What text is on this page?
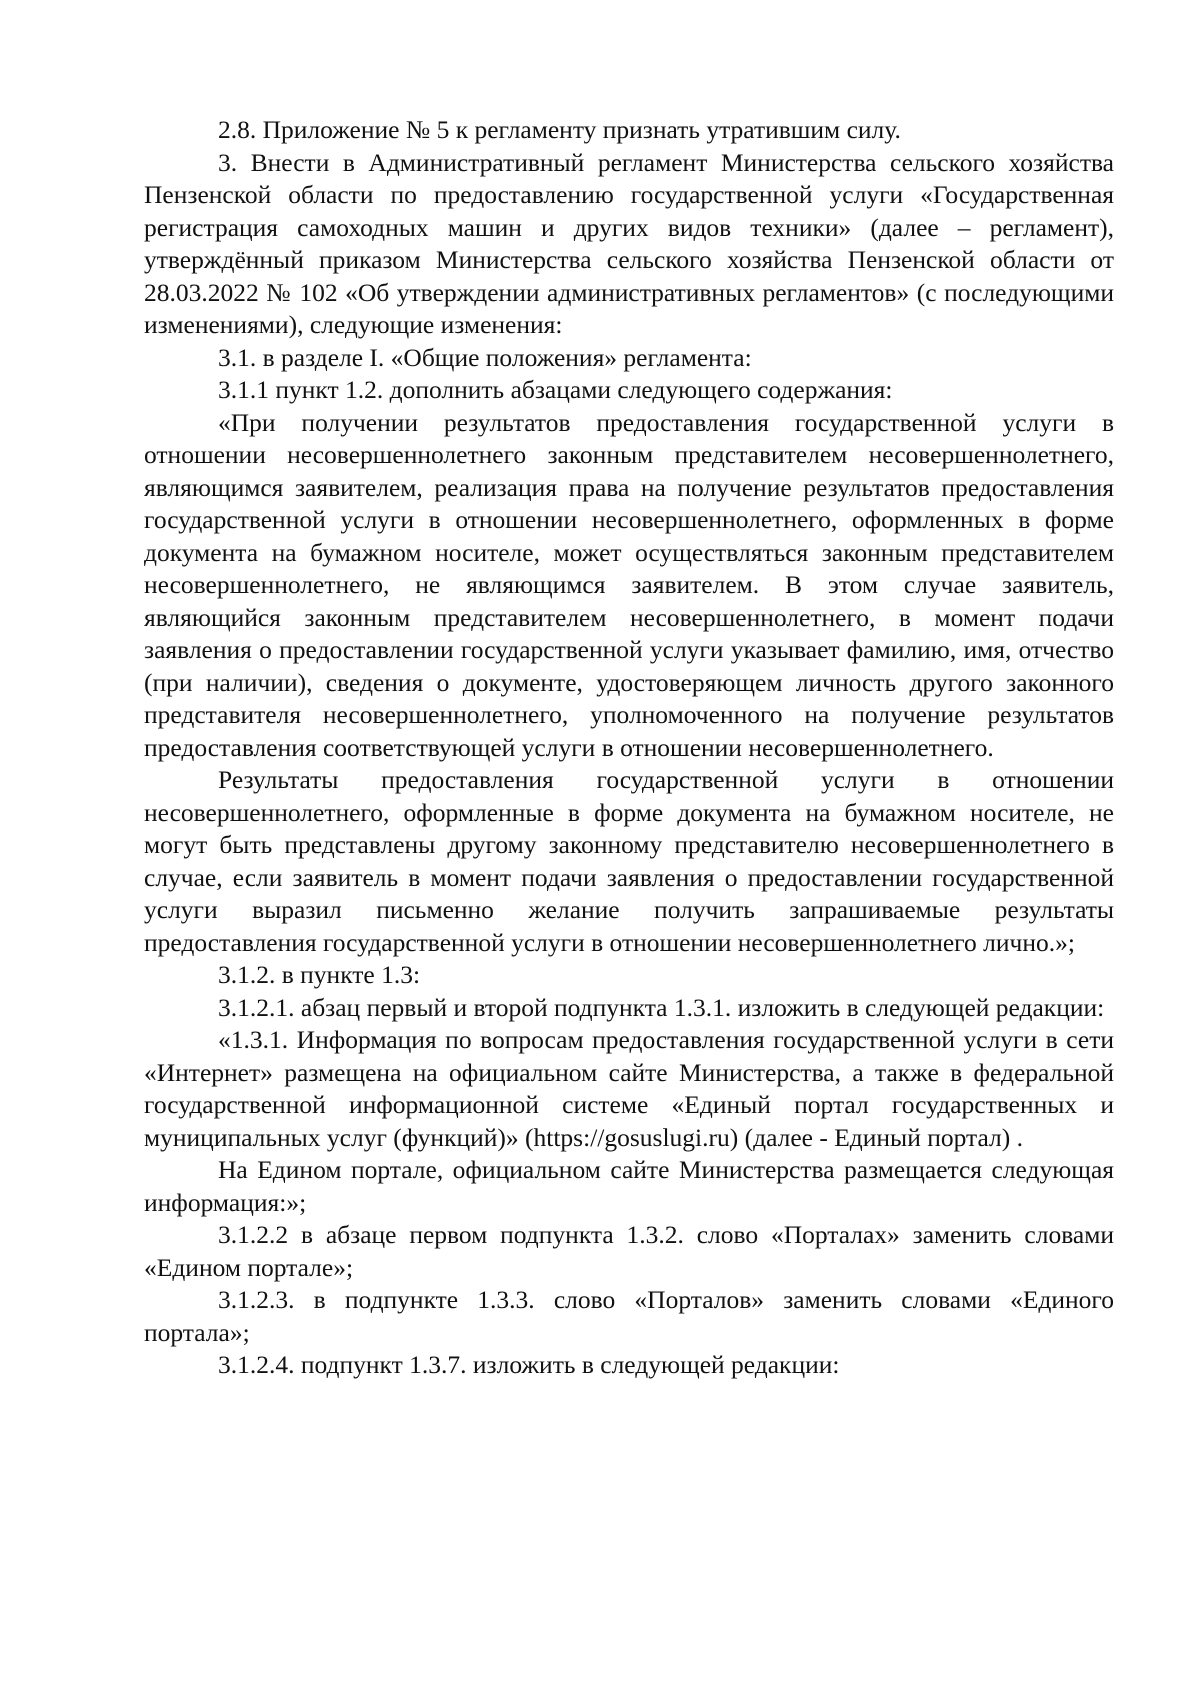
2.8. Приложение № 5 к регламенту признать утратившим силу.

3. Внести в Административный регламент Министерства сельского хозяйства Пензенской области по предоставлению государственной услуги «Государственная регистрация самоходных машин и других видов техники» (далее – регламент), утверждённый приказом Министерства сельского хозяйства Пензенской области от 28.03.2022 № 102 «Об утверждении административных регламентов» (с последующими изменениями), следующие изменения:

3.1. в разделе I. «Общие положения» регламента:

3.1.1 пункт 1.2. дополнить абзацами следующего содержания:

«При получении результатов предоставления государственной услуги в отношении несовершеннолетнего законным представителем несовершеннолетнего, являющимся заявителем, реализация права на получение результатов предоставления государственной услуги в отношении несовершеннолетнего, оформленных в форме документа на бумажном носителе, может осуществляться законным представителем несовершеннолетнего, не являющимся заявителем. В этом случае заявитель, являющийся законным представителем несовершеннолетнего, в момент подачи заявления о предоставлении государственной услуги указывает фамилию, имя, отчество (при наличии), сведения о документе, удостоверяющем личность другого законного представителя несовершеннолетнего, уполномоченного на получение результатов предоставления соответствующей услуги в отношении несовершеннолетнего.

Результаты предоставления государственной услуги в отношении несовершеннолетнего, оформленные в форме документа на бумажном носителе, не могут быть представлены другому законному представителю несовершеннолетнего в случае, если заявитель в момент подачи заявления о предоставлении государственной услуги выразил письменно желание получить запрашиваемые результаты предоставления государственной услуги в отношении несовершеннолетнего лично.»;

3.1.2. в пункте 1.3:

3.1.2.1. абзац первый и второй подпункта 1.3.1. изложить в следующей редакции:

«1.3.1. Информация по вопросам предоставления государственной услуги в сети «Интернет» размещена на официальном сайте Министерства, а также в федеральной государственной информационной системе «Единый портал государственных и муниципальных услуг (функций)» (https://gosuslugi.ru) (далее - Единый портал) .

На Едином портале, официальном сайте Министерства размещается следующая информация:»;

3.1.2.2 в абзаце первом подпункта 1.3.2. слово «Порталах» заменить словами «Едином портале»;

3.1.2.3. в подпункте 1.3.3. слово «Порталов» заменить словами «Единого портала»;

3.1.2.4. подпункт 1.3.7. изложить в следующей редакции:
